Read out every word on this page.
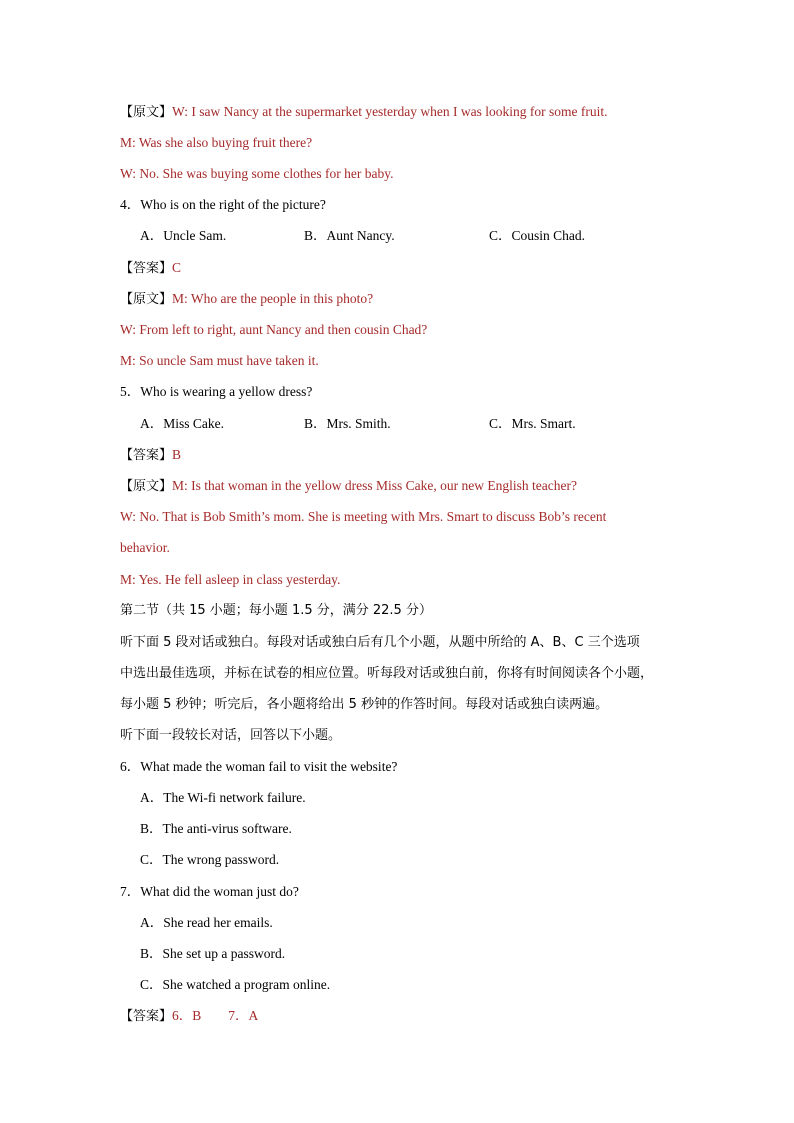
【原文】W: I saw Nancy at the supermarket yesterday when I was looking for some fruit.
M: Was she also buying fruit there?
W: No. She was buying some clothes for her baby.
4．Who is on the right of the picture?
A．Uncle Sam.	B．Aunt Nancy.	C．Cousin Chad.
【答案】C
【原文】M: Who are the people in this photo?
W: From left to right, aunt Nancy and then cousin Chad?
M: So uncle Sam must have taken it.
5．Who is wearing a yellow dress?
A．Miss Cake.	B．Mrs. Smith.	C．Mrs. Smart.
【答案】B
【原文】M: Is that woman in the yellow dress Miss Cake, our new English teacher?
W: No. That is Bob Smith’s mom. She is meeting with Mrs. Smart to discuss Bob’s recent
behavior.
M: Yes. He fell asleep in class yesterday.
第二节（共 15 小题；每小题 1.5 分，满分 22.5 分）
听下面 5 段对话或独白。每段对话或独白后有几个小题，从题中所给的 A、B、C 三个选项
中选出最佳选项，并标在试卷的相应位置。听每段对话或独白前，你将有时间阅读各个小题，
每小题 5 秒钟；听完后，各小题将给出 5 秒钟的作答时间。每段对话或独白读两遍。
听下面一段较长对话，回答以下小题。
6．What made the woman fail to visit the website?
A．The Wi-fi network failure.
B．The anti-virus software.
C．The wrong password.
7．What did the woman just do?
A．She read her emails.
B．She set up a password.
C．She watched a program online.
【答案】6．B        7．A
